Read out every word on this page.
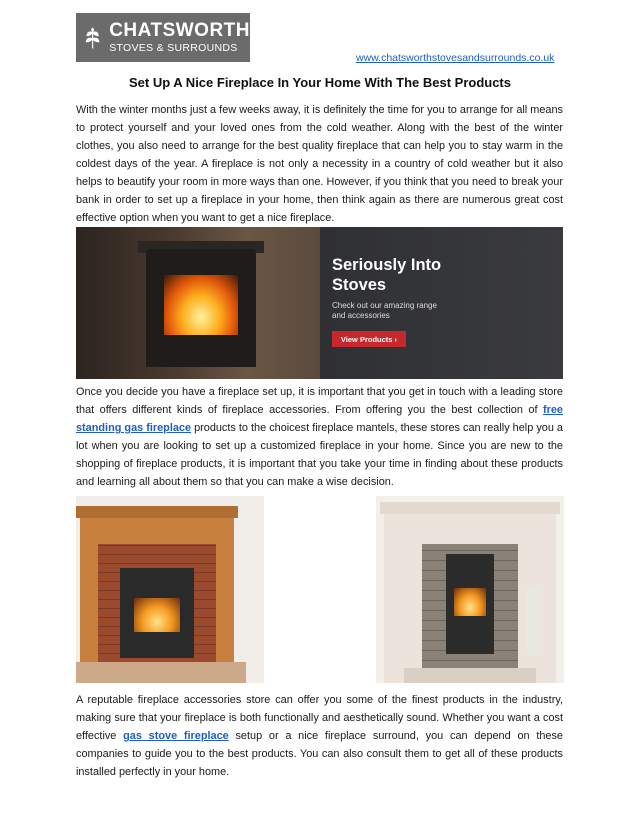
CHATSWORTH
STOVES & SURROUNDS
www.chatsworthstovesandsurrounds.co.uk
Set Up A Nice Fireplace In Your Home With The Best Products

With the winter months just a few weeks away, it is definitely the time for you to arrange for all means to protect yourself and your loved ones from the cold weather. Along with the best of the winter clothes, you also need to arrange for the best quality fireplace that can help you to stay warm in the coldest days of the year. A fireplace is not only a necessity in a country of cold weather but it also helps to beautify your room in more ways than one. However, if you think that you need to break your bank in order to set up a fireplace in your home, then think again as there are numerous great cost effective option when you want to get a nice fireplace.

Seriously Into
Stoves
Check out our amazing range
and accessories
View Products ›

Once you decide you have a fireplace set up, it is important that you get in touch with a leading store that offers different kinds of fireplace accessories. From offering you the best collection of free standing gas fireplace products to the choicest fireplace mantels, these stores can really help you a lot when you are looking to set up a customized fireplace in your home. Since you are new to the shopping of fireplace products, it is important that you take your time in finding about these products and learning all about them so that you can make a wise decision.

A reputable fireplace accessories store can offer you some of the finest products in the industry, making sure that your fireplace is both functionally and aesthetically sound. Whether you want a cost effective gas stove fireplace setup or a nice fireplace surround, you can depend on these companies to guide you to the best products. You can also consult them to get all of these products installed perfectly in your home.
